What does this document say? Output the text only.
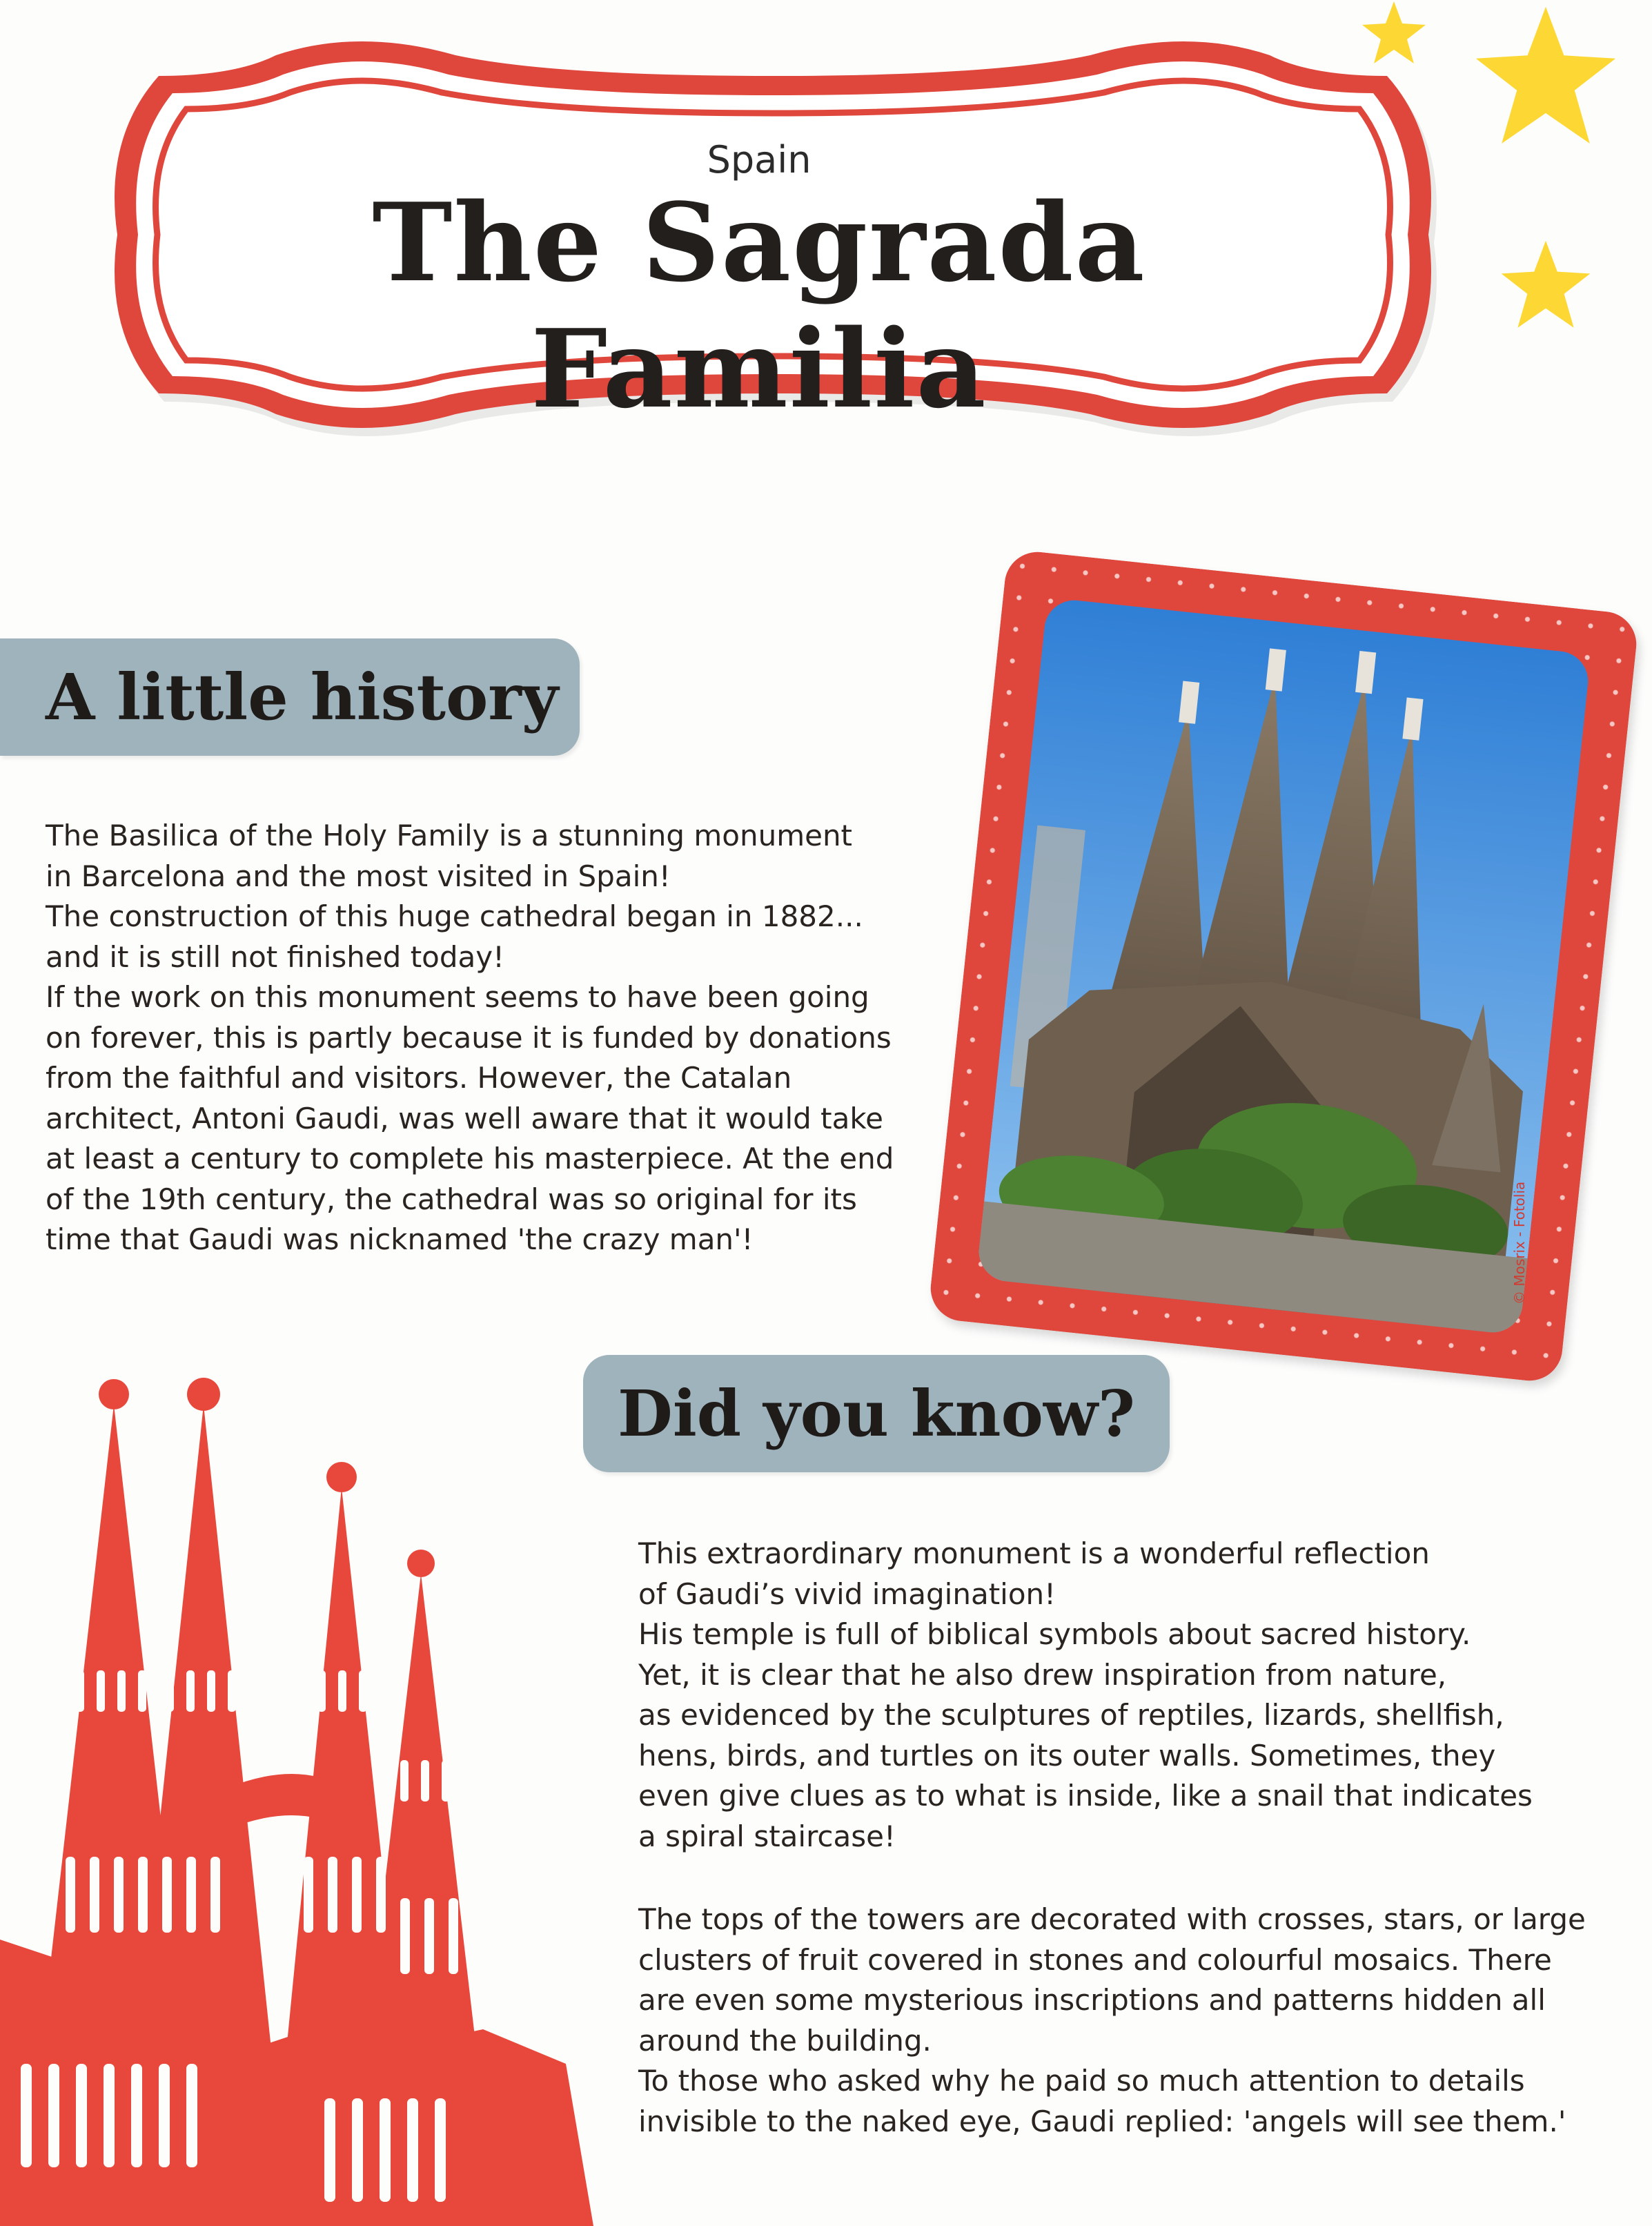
Spain
The Sagrada Familia
A little history

The Basilica of the Holy Family is a stunning monument

in Barcelona and the most visited in Spain!

The construction of this huge cathedral began in 1882...

and it is still not finished today!

If the work on this monument seems to have been going

on forever, this is partly because it is funded by donations

from the faithful and visitors. However, the Catalan

architect, Antoni Gaudi, was well aware that it would take

at least a century to complete his masterpiece. At the end

of the 19th century, the cathedral was so original for its

time that Gaudi was nicknamed 'the crazy man'!	© Mosrix - Fotolia
Did you know?

This extraordinary monument is a wonderful reflection

of Gaudi’s vivid imagination!

His temple is full of biblical symbols about sacred history.

Yet, it is clear that he also drew inspiration from nature,

as evidenced by the sculptures of reptiles, lizards, shellfish,

hens, birds, and turtles on its outer walls. Sometimes, they

even give clues as to what is inside, like a snail that indicates

a spiral staircase!

The tops of the towers are decorated with crosses, stars, or large

clusters of fruit covered in stones and colourful mosaics. There

are even some mysterious inscriptions and patterns hidden all

around the building.

To those who asked why he paid so much attention to details

invisible to the naked eye, Gaudi replied: 'angels will see them.'
